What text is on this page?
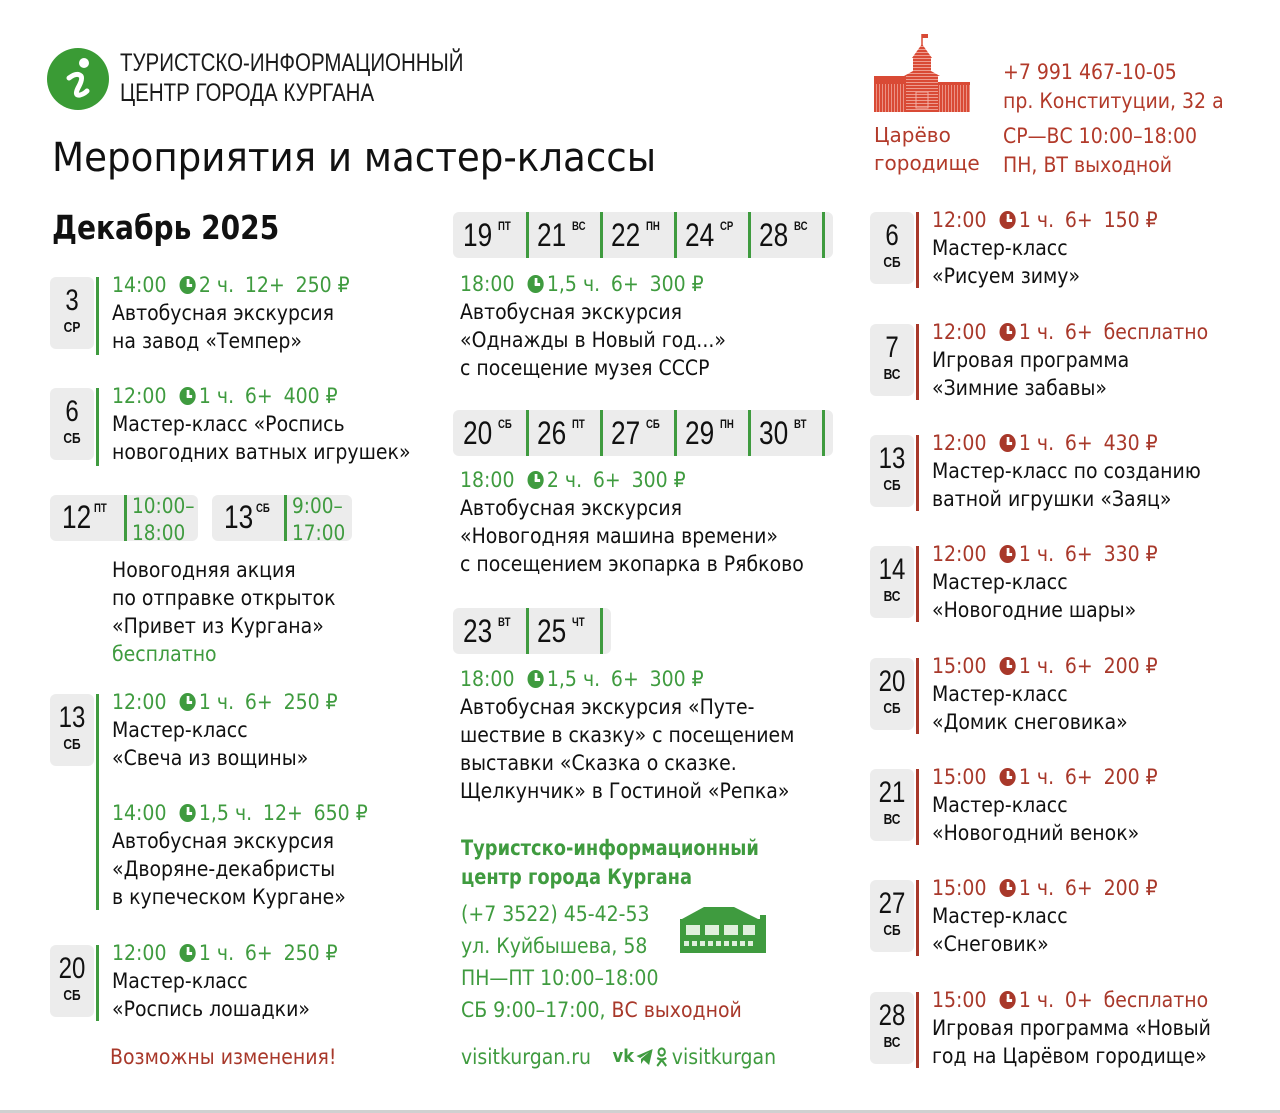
ТУРИСТСКО-ИНФОРМАЦИОННЫЙ
ЦЕНТР ГОРОДА КУРГАНА
Мероприятия и мастер-классы
Декабрь 2025
Царёво
городище
+7 991 467-10-05
пр. Конституции, 32 а
СР—ВС 10:00–18:00
ПН, ВТ выходной
3
СР
14:00 2 ч. 12+ 250 ₽
Автобусная экскурсия
на завод «Темпер»
6
СБ
12:00 1 ч. 6+ 400 ₽
Мастер-класс «Роспись
новогодних ватных игрушек»
12 ПТ 10:00–
18:00 13 СБ 9:00–
17:00
Новогодняя акция
по отправке открыток
«Привет из Кургана»
бесплатно
13
СБ
12:00 1 ч. 6+ 250 ₽
Мастер-класс
«Свеча из вощины»
14:00 1,5 ч. 12+ 650 ₽
Автобусная экскурсия
«Дворяне-декабристы
в купеческом Кургане»
20
СБ
12:00 1 ч. 6+ 250 ₽
Мастер-класс
«Роспись лошадки»
Возможны изменения!
19 ПТ 21 ВС 22 ПН 24 СР 28 ВС
18:00 1,5 ч. 6+ 300 ₽
Автобусная экскурсия
«Однажды в Новый год...»
с посещение музея СССР
20 СБ 26 ПТ 27 СБ 29 ПН 30 ВТ
18:00 2 ч. 6+ 300 ₽
Автобусная экскурсия
«Новогодняя машина времени»
с посещением экопарка в Рябково
23 ВТ 25 ЧТ
18:00 1,5 ч. 6+ 300 ₽
Автобусная экскурсия «Путе-
шествие в сказку» с посещением
выставки «Сказка о сказке.
Щелкунчик» в Гостиной «Репка»
Туристско-информационный
центр города Кургана
(+7 3522) 45-42-53
ул. Куйбышева, 58
ПН—ПТ 10:00–18:00
СБ 9:00–17:00, ВС выходной
visitkurgan.ru vk visitkurgan
6
СБ
12:00 1 ч. 6+ 150 ₽
Мастер-класс
«Рисуем зиму»
7
ВС
12:00 1 ч. 6+ бесплатно
Игровая программа
«Зимние забавы»
13
СБ
12:00 1 ч. 6+ 430 ₽
Мастер-класс по созданию
ватной игрушки «Заяц»
14
ВС
12:00 1 ч. 6+ 330 ₽
Мастер-класс
«Новогодние шары»
20
СБ
15:00 1 ч. 6+ 200 ₽
Мастер-класс
«Домик снеговика»
21
ВС
15:00 1 ч. 6+ 200 ₽
Мастер-класс
«Новогодний венок»
27
СБ
15:00 1 ч. 6+ 200 ₽
Мастер-класс
«Снеговик»
28
ВС
15:00 1 ч. 0+ бесплатно
Игровая программа «Новый
год на Царёвом городище»
